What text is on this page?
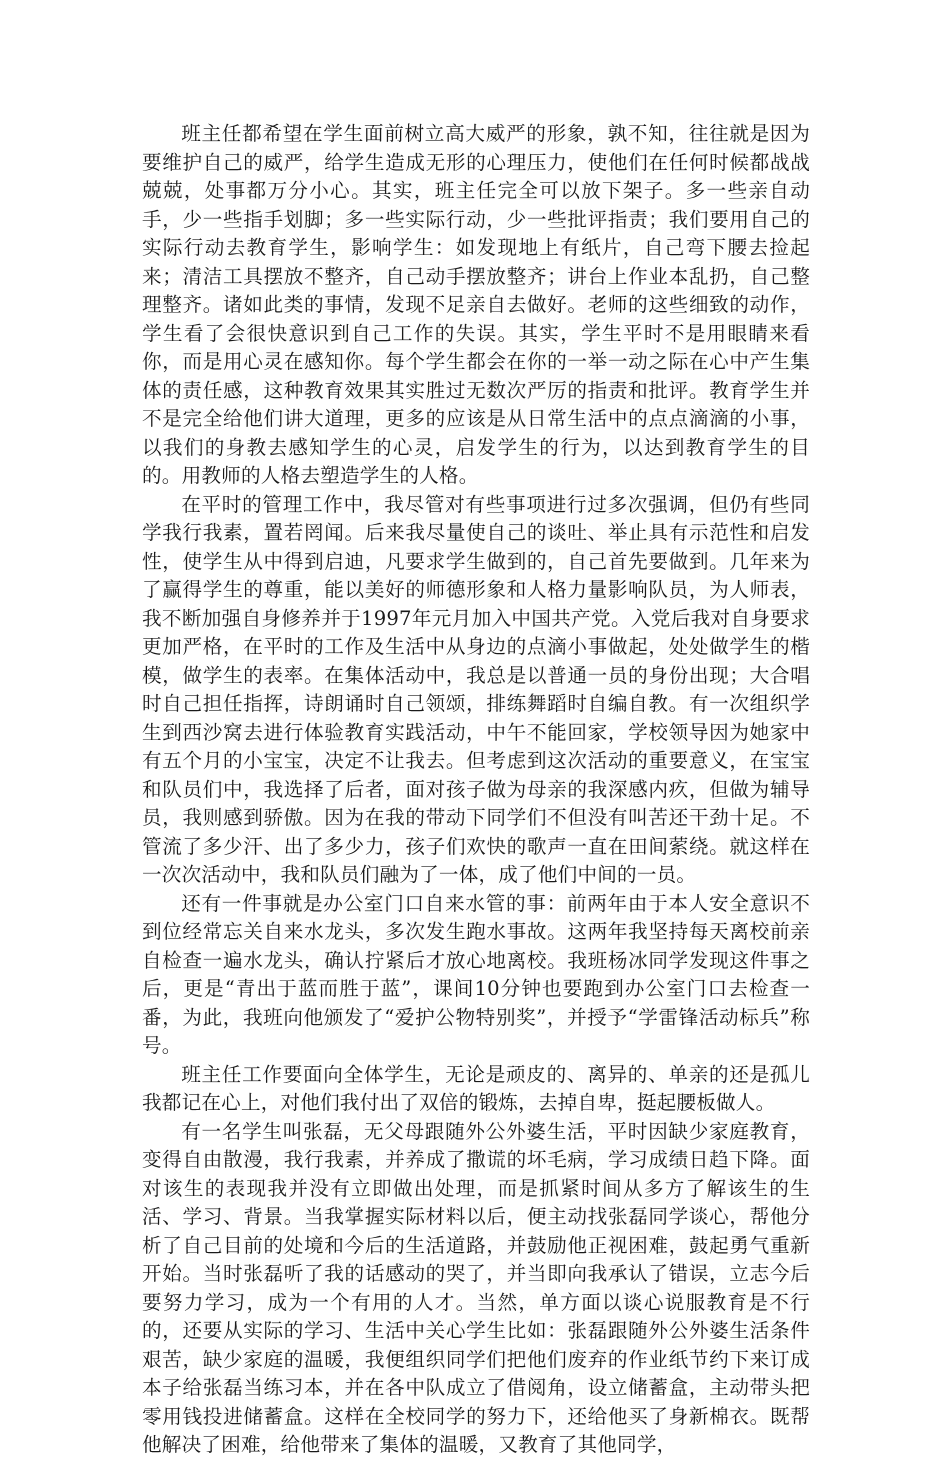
班主任都希望在学生面前树立高大威严的形象，孰不知，往往就是因为要维护自己的威严，给学生造成无形的心理压力，使他们在任何时候都战战兢兢，处事都万分小心。其实，班主任完全可以放下架子。多一些亲自动手，少一些指手划脚；多一些实际行动，少一些批评指责；我们要用自己的实际行动去教育学生，影响学生：如发现地上有纸片，自己弯下腰去捡起来；清洁工具摆放不整齐，自己动手摆放整齐；讲台上作业本乱扔，自己整理整齐。诸如此类的事情，发现不足亲自去做好。老师的这些细致的动作，学生看了会很快意识到自己工作的失误。其实，学生平时不是用眼睛来看你，而是用心灵在感知你。每个学生都会在你的一举一动之际在心中产生集体的责任感，这种教育效果其实胜过无数次严厉的指责和批评。教育学生并不是完全给他们讲大道理，更多的应该是从日常生活中的点点滴滴的小事，以我们的身教去感知学生的心灵，启发学生的行为，以达到教育学生的目的。用教师的人格去塑造学生的人格。

在平时的管理工作中，我尽管对有些事项进行过多次强调，但仍有些同学我行我素，置若罔闻。后来我尽量使自己的谈吐、举止具有示范性和启发性，使学生从中得到启迪，凡要求学生做到的，自己首先要做到。几年来为了赢得学生的尊重，能以美好的师德形象和人格力量影响队员，为人师表，我不断加强自身修养并于1997年元月加入中国共产党。入党后我对自身要求更加严格，在平时的工作及生活中从身边的点滴小事做起，处处做学生的楷模，做学生的表率。在集体活动中，我总是以普通一员的身份出现；大合唱时自己担任指挥，诗朗诵时自己领颂，排练舞蹈时自编自教。有一次组织学生到西沙窝去进行体验教育实践活动，中午不能回家，学校领导因为她家中有五个月的小宝宝，决定不让我去。但考虑到这次活动的重要意义，在宝宝和队员们中，我选择了后者，面对孩子做为母亲的我深感内疚，但做为辅导员，我则感到骄傲。因为在我的带动下同学们不但没有叫苦还干劲十足。不管流了多少汗、出了多少力，孩子们欢快的歌声一直在田间萦绕。就这样在一次次活动中，我和队员们融为了一体，成了他们中间的一员。

还有一件事就是办公室门口自来水管的事：前两年由于本人安全意识不到位经常忘关自来水龙头，多次发生跑水事故。这两年我坚持每天离校前亲自检查一遍水龙头，确认拧紧后才放心地离校。我班杨冰同学发现这件事之后，更是“青出于蓝而胜于蓝”，课间10分钟也要跑到办公室门口去检查一番，为此，我班向他颁发了“爱护公物特别奖”，并授予“学雷锋活动标兵”称号。

班主任工作要面向全体学生，无论是顽皮的、离异的、单亲的还是孤儿我都记在心上，对他们我付出了双倍的锻炼，去掉自卑，挺起腰板做人。

有一名学生叫张磊，无父母跟随外公外婆生活，平时因缺少家庭教育，变得自由散漫，我行我素，并养成了撒谎的坏毛病，学习成绩日趋下降。面对该生的表现我并没有立即做出处理，而是抓紧时间从多方了解该生的生活、学习、背景。当我掌握实际材料以后，便主动找张磊同学谈心，帮他分析了自己目前的处境和今后的生活道路，并鼓励他正视困难，鼓起勇气重新开始。当时张磊听了我的话感动的哭了，并当即向我承认了错误，立志今后要努力学习，成为一个有用的人才。当然，单方面以谈心说服教育是不行的，还要从实际的学习、生活中关心学生比如：张磊跟随外公外婆生活条件艰苦，缺少家庭的温暖，我便组织同学们把他们废弃的作业纸节约下来订成本子给张磊当练习本，并在各中队成立了借阅角，设立储蓄盒，主动带头把零用钱投进储蓄盒。这样在全校同学的努力下，还给他买了身新棉衣。既帮他解决了困难，给他带来了集体的温暖，又教育了其他同学，
